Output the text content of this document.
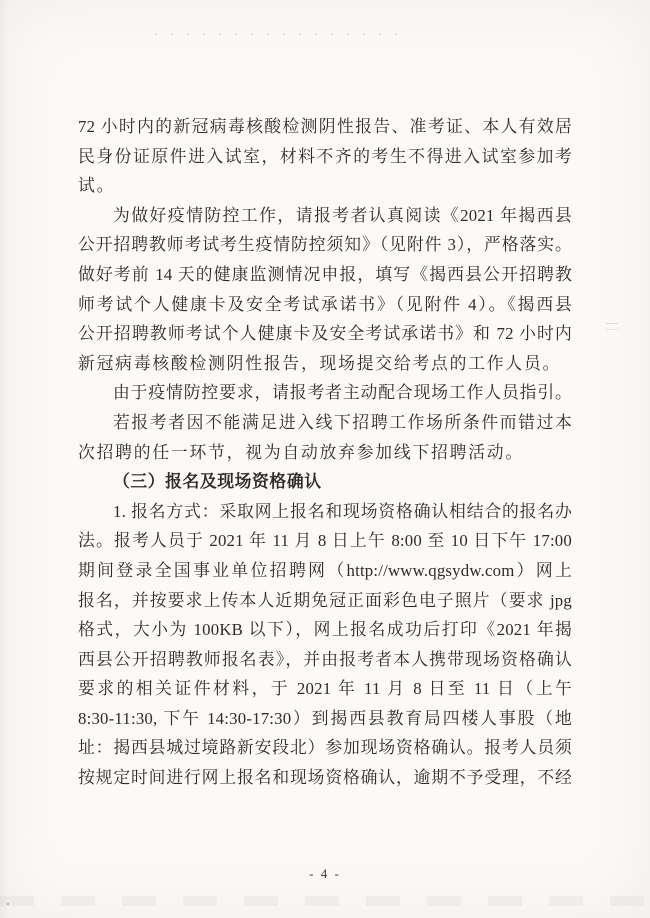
72 小时内的新冠病毒核酸检测阴性报告、准考证、本人有效居
民身份证原件进入试室，材料不齐的考生不得进入试室参加考
试。
为做好疫情防控工作，请报考者认真阅读《2021 年揭西县
公开招聘教师考试考生疫情防控须知》（见附件 3），严格落实。
做好考前 14 天的健康监测情况申报，填写《揭西县公开招聘教
师考试个人健康卡及安全考试承诺书》（见附件 4）。《揭西县
公开招聘教师考试个人健康卡及安全考试承诺书》和 72 小时内
新冠病毒核酸检测阴性报告，现场提交给考点的工作人员。
由于疫情防控要求，请报考者主动配合现场工作人员指引。
若报考者因不能满足进入线下招聘工作场所条件而错过本
次招聘的任一环节，视为自动放弃参加线下招聘活动。
（三）报名及现场资格确认
1. 报名方式：采取网上报名和现场资格确认相结合的报名办
法。报考人员于 2021 年 11 月 8 日上午 8:00 至 10 日下午 17:00
期间登录全国事业单位招聘网（http://www.qgsydw.com）网上
报名，并按要求上传本人近期免冠正面彩色电子照片（要求 jpg
格式，大小为 100KB 以下），网上报名成功后打印《2021 年揭
西县公开招聘教师报名表》，并由报考者本人携带现场资格确认
要求的相关证件材料，于 2021 年 11 月 8 日至 11 日（上午
8:30-11:30, 下午 14:30-17:30）到揭西县教育局四楼人事股（地
址：揭西县城过境路新安段北）参加现场资格确认。报考人员须
按规定时间进行网上报名和现场资格确认，逾期不予受理，不经
- 4 -
